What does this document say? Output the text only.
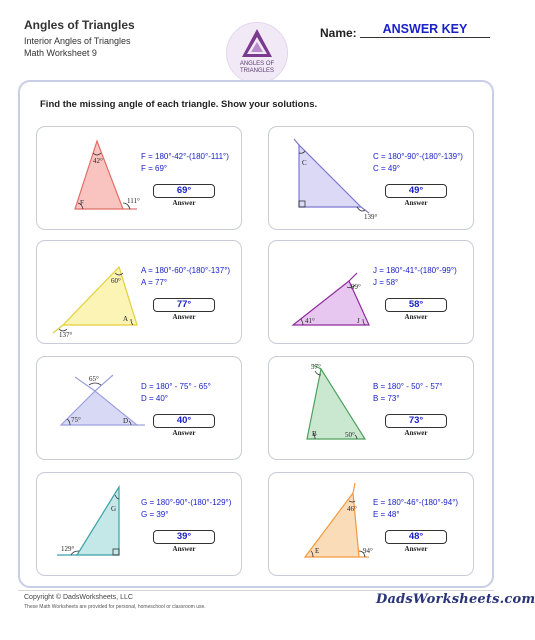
Angles of Triangles
Interior Angles of Triangles
Math Worksheet 9
ANGLES OF
TRIANGLES
Name:	ANSWER KEY
Find the missing angle of each triangle. Show your solutions.
42°
F	111°
F = 180°-42°-(180°-111°)
F = 69°
69°
Answer
C
139°
C = 180°-90°-(180°-139°)
C = 49°
49°
Answer
60°
A
137°
A = 180°-60°-(180°-137°)
A = 77°
77°
Answer
99°
41°	J
J = 180°-41°-(180°-99°)
J = 58°
58°
Answer
65°
75°	D
D = 180° - 75° - 65°
D = 40°
40°
Answer
57°
B	50°
B = 180° - 50° - 57°
B = 73°
73°
Answer
G
129°
G = 180°-90°-(180°-129°)
G = 39°
39°
Answer
46°
E	94°
E = 180°-46°-(180°-94°)
E = 48°
48°
Answer
Copyright © DadsWorksheets, LLC
These Math Worksheets are provided for personal, homeschool or classroom use.	DadsWorksheets.com
